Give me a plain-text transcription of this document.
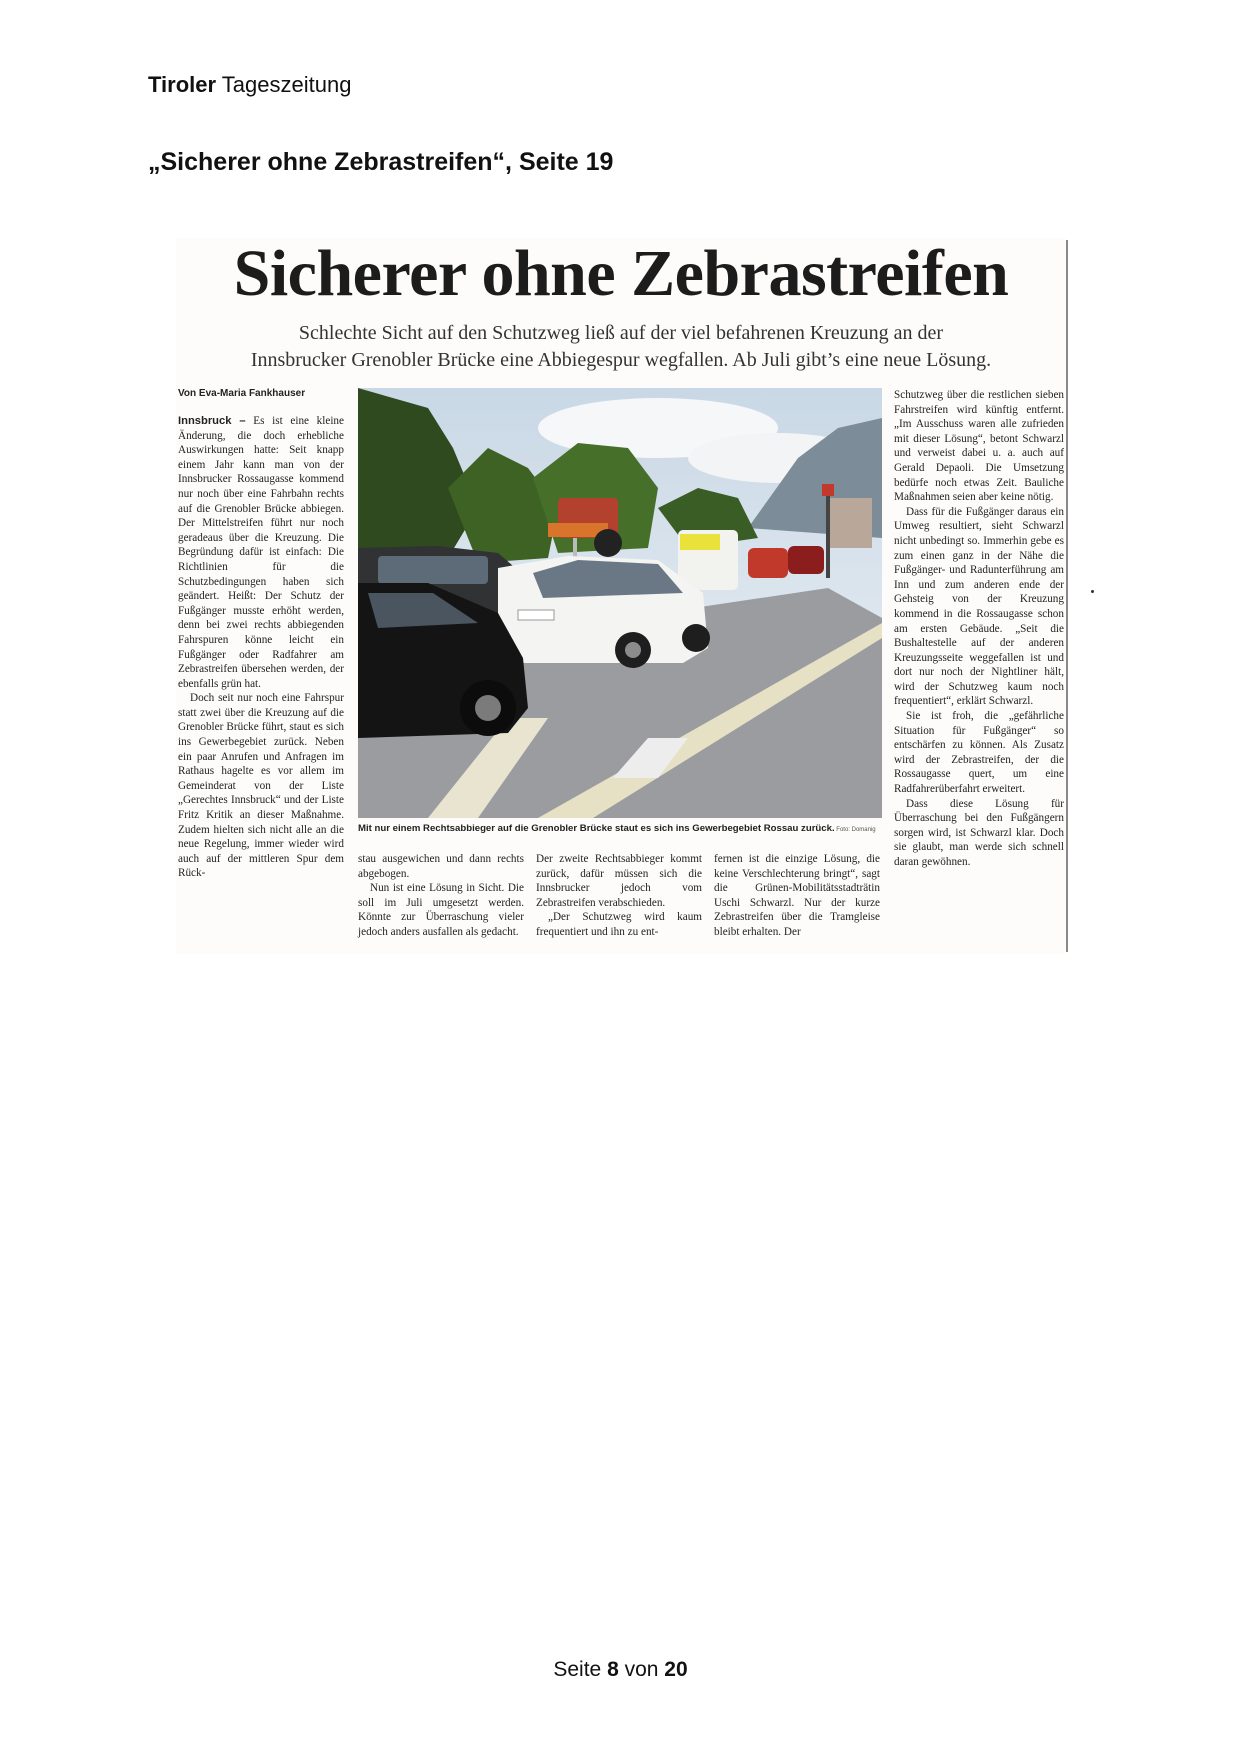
Tiroler Tageszeitung
„Sicherer ohne Zebrastreifen“, Seite 19
Sicherer ohne Zebrastreifen
Schlechte Sicht auf den Schutzweg ließ auf der viel befahrenen Kreuzung an der
Innsbrucker Grenobler Brücke eine Abbiegespur wegfallen. Ab Juli gibt’s eine neue Lösung.
Von Eva-Maria Fankhauser

Innsbruck – Es ist eine kleine Änderung, die doch erhebliche Auswirkungen hatte: Seit knapp einem Jahr kann man von der Innsbrucker Rossaugasse kommend nur noch über eine Fahrbahn rechts auf die Grenobler Brücke abbiegen. Der Mittelstreifen führt nur noch geradeaus über die Kreuzung. Die Begründung dafür ist einfach: Die Richtlinien für die Schutzbedingungen haben sich geändert. Heißt: Der Schutz der Fußgänger musste erhöht werden, denn bei zwei rechts abbiegenden Fahrspuren könne leicht ein Fußgänger oder Radfahrer am Zebrastreifen übersehen werden, der ebenfalls grün hat.

Doch seit nur noch eine Fahrspur statt zwei über die Kreuzung auf die Grenobler Brücke führt, staut es sich ins Gewerbegebiet zurück. Neben ein paar Anrufen und Anfragen im Rathaus hagelte es vor allem im Gemeinderat von der Liste „Gerechtes Innsbruck“ und der Liste Fritz Kritik an dieser Maßnahme. Zudem hielten sich nicht alle an die neue Regelung, immer wieder wird auch auf der mittleren Spur dem Rück-

Mit nur einem Rechtsabbieger auf die Grenobler Brücke staut es sich ins Gewerbegebiet Rossau zurück. Foto: Domanig

stau ausgewichen und dann rechts abgebogen.

Nun ist eine Lösung in Sicht. Die soll im Juli umgesetzt werden. Könnte zur Überraschung vieler jedoch anders ausfallen als gedacht.

Der zweite Rechtsabbieger kommt zurück, dafür müssen sich die Innsbrucker jedoch vom Zebrastreifen verabschieden.

„Der Schutzweg wird kaum frequentiert und ihn zu ent-

fernen ist die einzige Lösung, die keine Verschlechterung bringt“, sagt die Grünen-Mobilitätsstadträtin Uschi Schwarzl. Nur der kurze Zebrastreifen über die Tramgleise bleibt erhalten. Der

Schutzweg über die restlichen sieben Fahrstreifen wird künftig entfernt. „Im Ausschuss waren alle zufrieden mit dieser Lösung“, betont Schwarzl und verweist dabei u. a. auch auf Gerald Depaoli. Die Umsetzung bedürfe noch etwas Zeit. Bauliche Maßnahmen seien aber keine nötig.

Dass für die Fußgänger daraus ein Umweg resultiert, sieht Schwarzl nicht unbedingt so. Immerhin gebe es zum einen ganz in der Nähe die Fußgänger- und Radunterführung am Inn und zum anderen ende der Gehsteig von der Kreuzung kommend in die Rossaugasse schon am ersten Gebäude. „Seit die Bushaltestelle auf der anderen Kreuzungsseite weggefallen ist und dort nur noch der Nightliner hält, wird der Schutzweg kaum noch frequentiert“, erklärt Schwarzl.

Sie ist froh, die „gefährliche Situation für Fußgänger“ so entschärfen zu können. Als Zusatz wird der Zebrastreifen, der die Rossaugasse quert, um eine Radfahrerüberfahrt erweitert.

Dass diese Lösung für Überraschung bei den Fußgängern sorgen wird, ist Schwarzl klar. Doch sie glaubt, man werde sich schnell daran gewöhnen.

Seite 8 von 20
